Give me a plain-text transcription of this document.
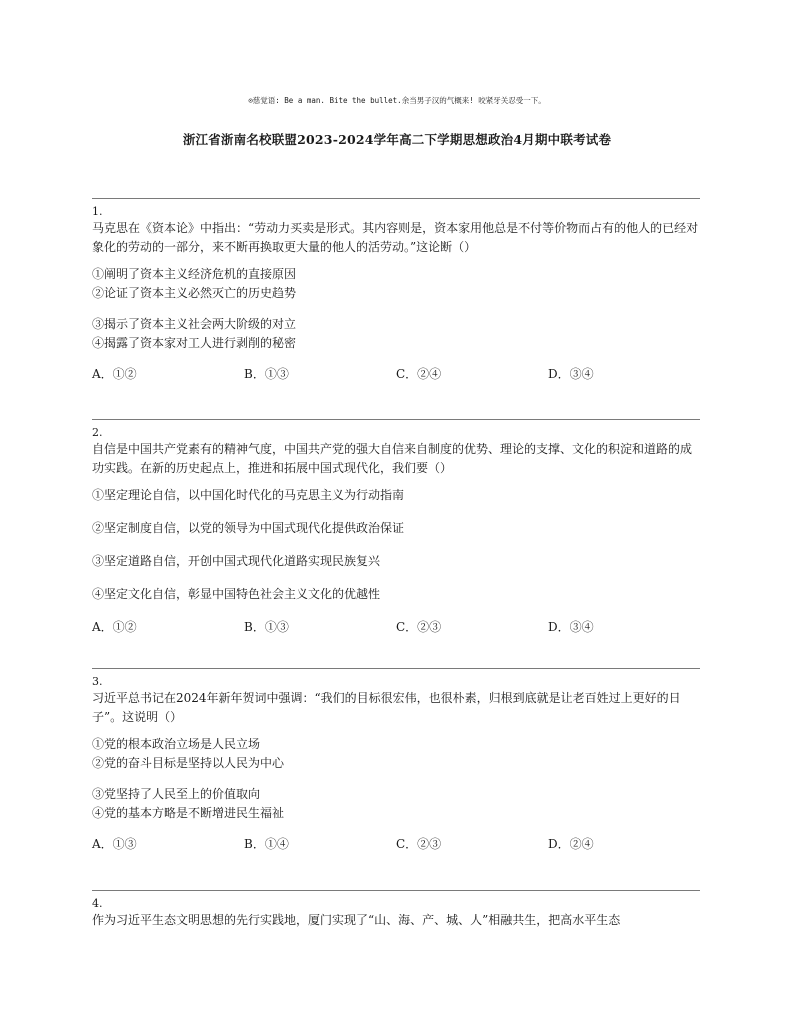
⊙慈觉语: Be a man. Bite the bullet.余当男子汉的气概来! 咬紧牙关忍受一下。
浙江省浙南名校联盟2023-2024学年高二下学期思想政治4月期中联考试卷
1.

马克思在《资本论》中指出：“劳动力买卖是形式。其内容则是，资本家用他总是不付等价物而占有的他人的已经对象化的劳动的一部分，来不断再换取更大量的他人的活劳动。”这论断（）

①阐明了资本主义经济危机的直接原因
②论证了资本主义必然灭亡的历史趋势
③揭示了资本主义社会两大阶级的对立
④揭露了资本家对工人进行剥削的秘密
A．①②	B．①③	C．②④	D．③④
2.

自信是中国共产党素有的精神气度，中国共产党的强大自信来自制度的优势、理论的支撑、文化的积淀和道路的成功实践。在新的历史起点上，推进和拓展中国式现代化，我们要（）

①坚定理论自信，以中国化时代化的马克思主义为行动指南
②坚定制度自信，以党的领导为中国式现代化提供政治保证
③坚定道路自信，开创中国式现代化道路实现民族复兴
④坚定文化自信，彰显中国特色社会主义文化的优越性
A．①②	B．①③	C．②③	D．③④
3.

习近平总书记在2024年新年贺词中强调：“我们的目标很宏伟，也很朴素，归根到底就是让老百姓过上更好的日子”。这说明（）

①党的根本政治立场是人民立场
②党的奋斗目标是坚持以人民为中心
③党坚持了人民至上的价值取向
④党的基本方略是不断增进民生福祉
A．①③	B．①④	C．②③	D．②④
4.

作为习近平生态文明思想的先行实践地，厦门实现了“山、海、产、城、人”相融共生，把高水平生态
